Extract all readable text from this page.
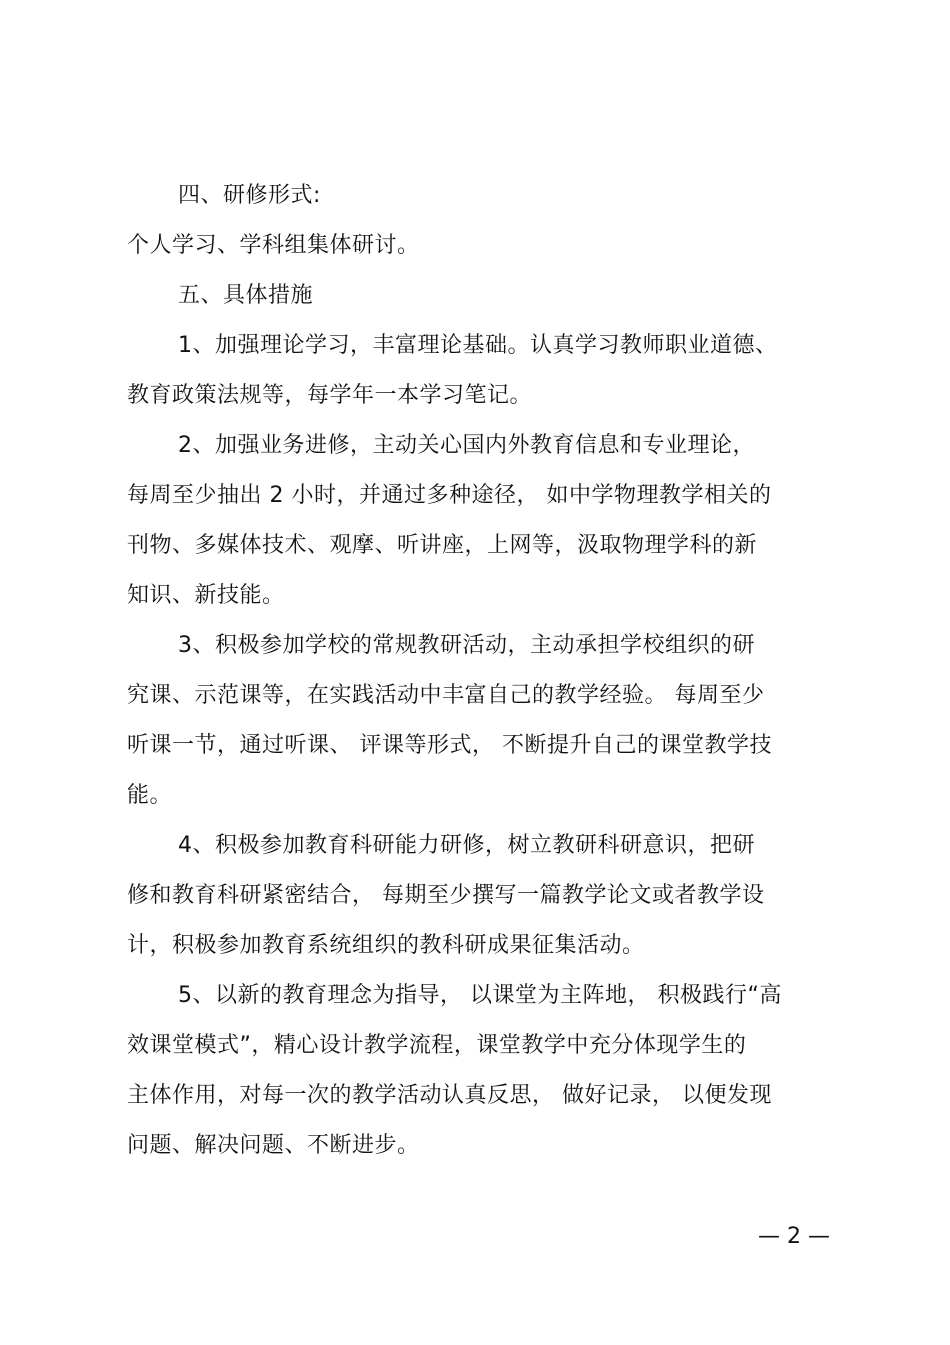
四、研修形式:
个人学习、学科组集体研讨。
五、具体措施
1、加强理论学习，丰富理论基础。认真学习教师职业道德、
教育政策法规等，每学年一本学习笔记。
2、加强业务进修，主动关心国内外教育信息和专业理论，
每周至少抽出 2 小时，并通过多种途径， 如中学物理教学相关的
刊物、多媒体技术、观摩、听讲座，上网等，汲取物理学科的新
知识、新技能。
3、积极参加学校的常规教研活动，主动承担学校组织的研
究课、示范课等，在实践活动中丰富自己的教学经验。 每周至少
听课一节，通过听课、 评课等形式， 不断提升自己的课堂教学技
能。
4、积极参加教育科研能力研修，树立教研科研意识，把研
修和教育科研紧密结合， 每期至少撰写一篇教学论文或者教学设
计，积极参加教育系统组织的教科研成果征集活动。
5、以新的教育理念为指导， 以课堂为主阵地， 积极践行“高
效课堂模式”，精心设计教学流程，课堂教学中充分体现学生的
主体作用，对每一次的教学活动认真反思， 做好记录， 以便发现
问题、解决问题、不断进步。
— 2 —
